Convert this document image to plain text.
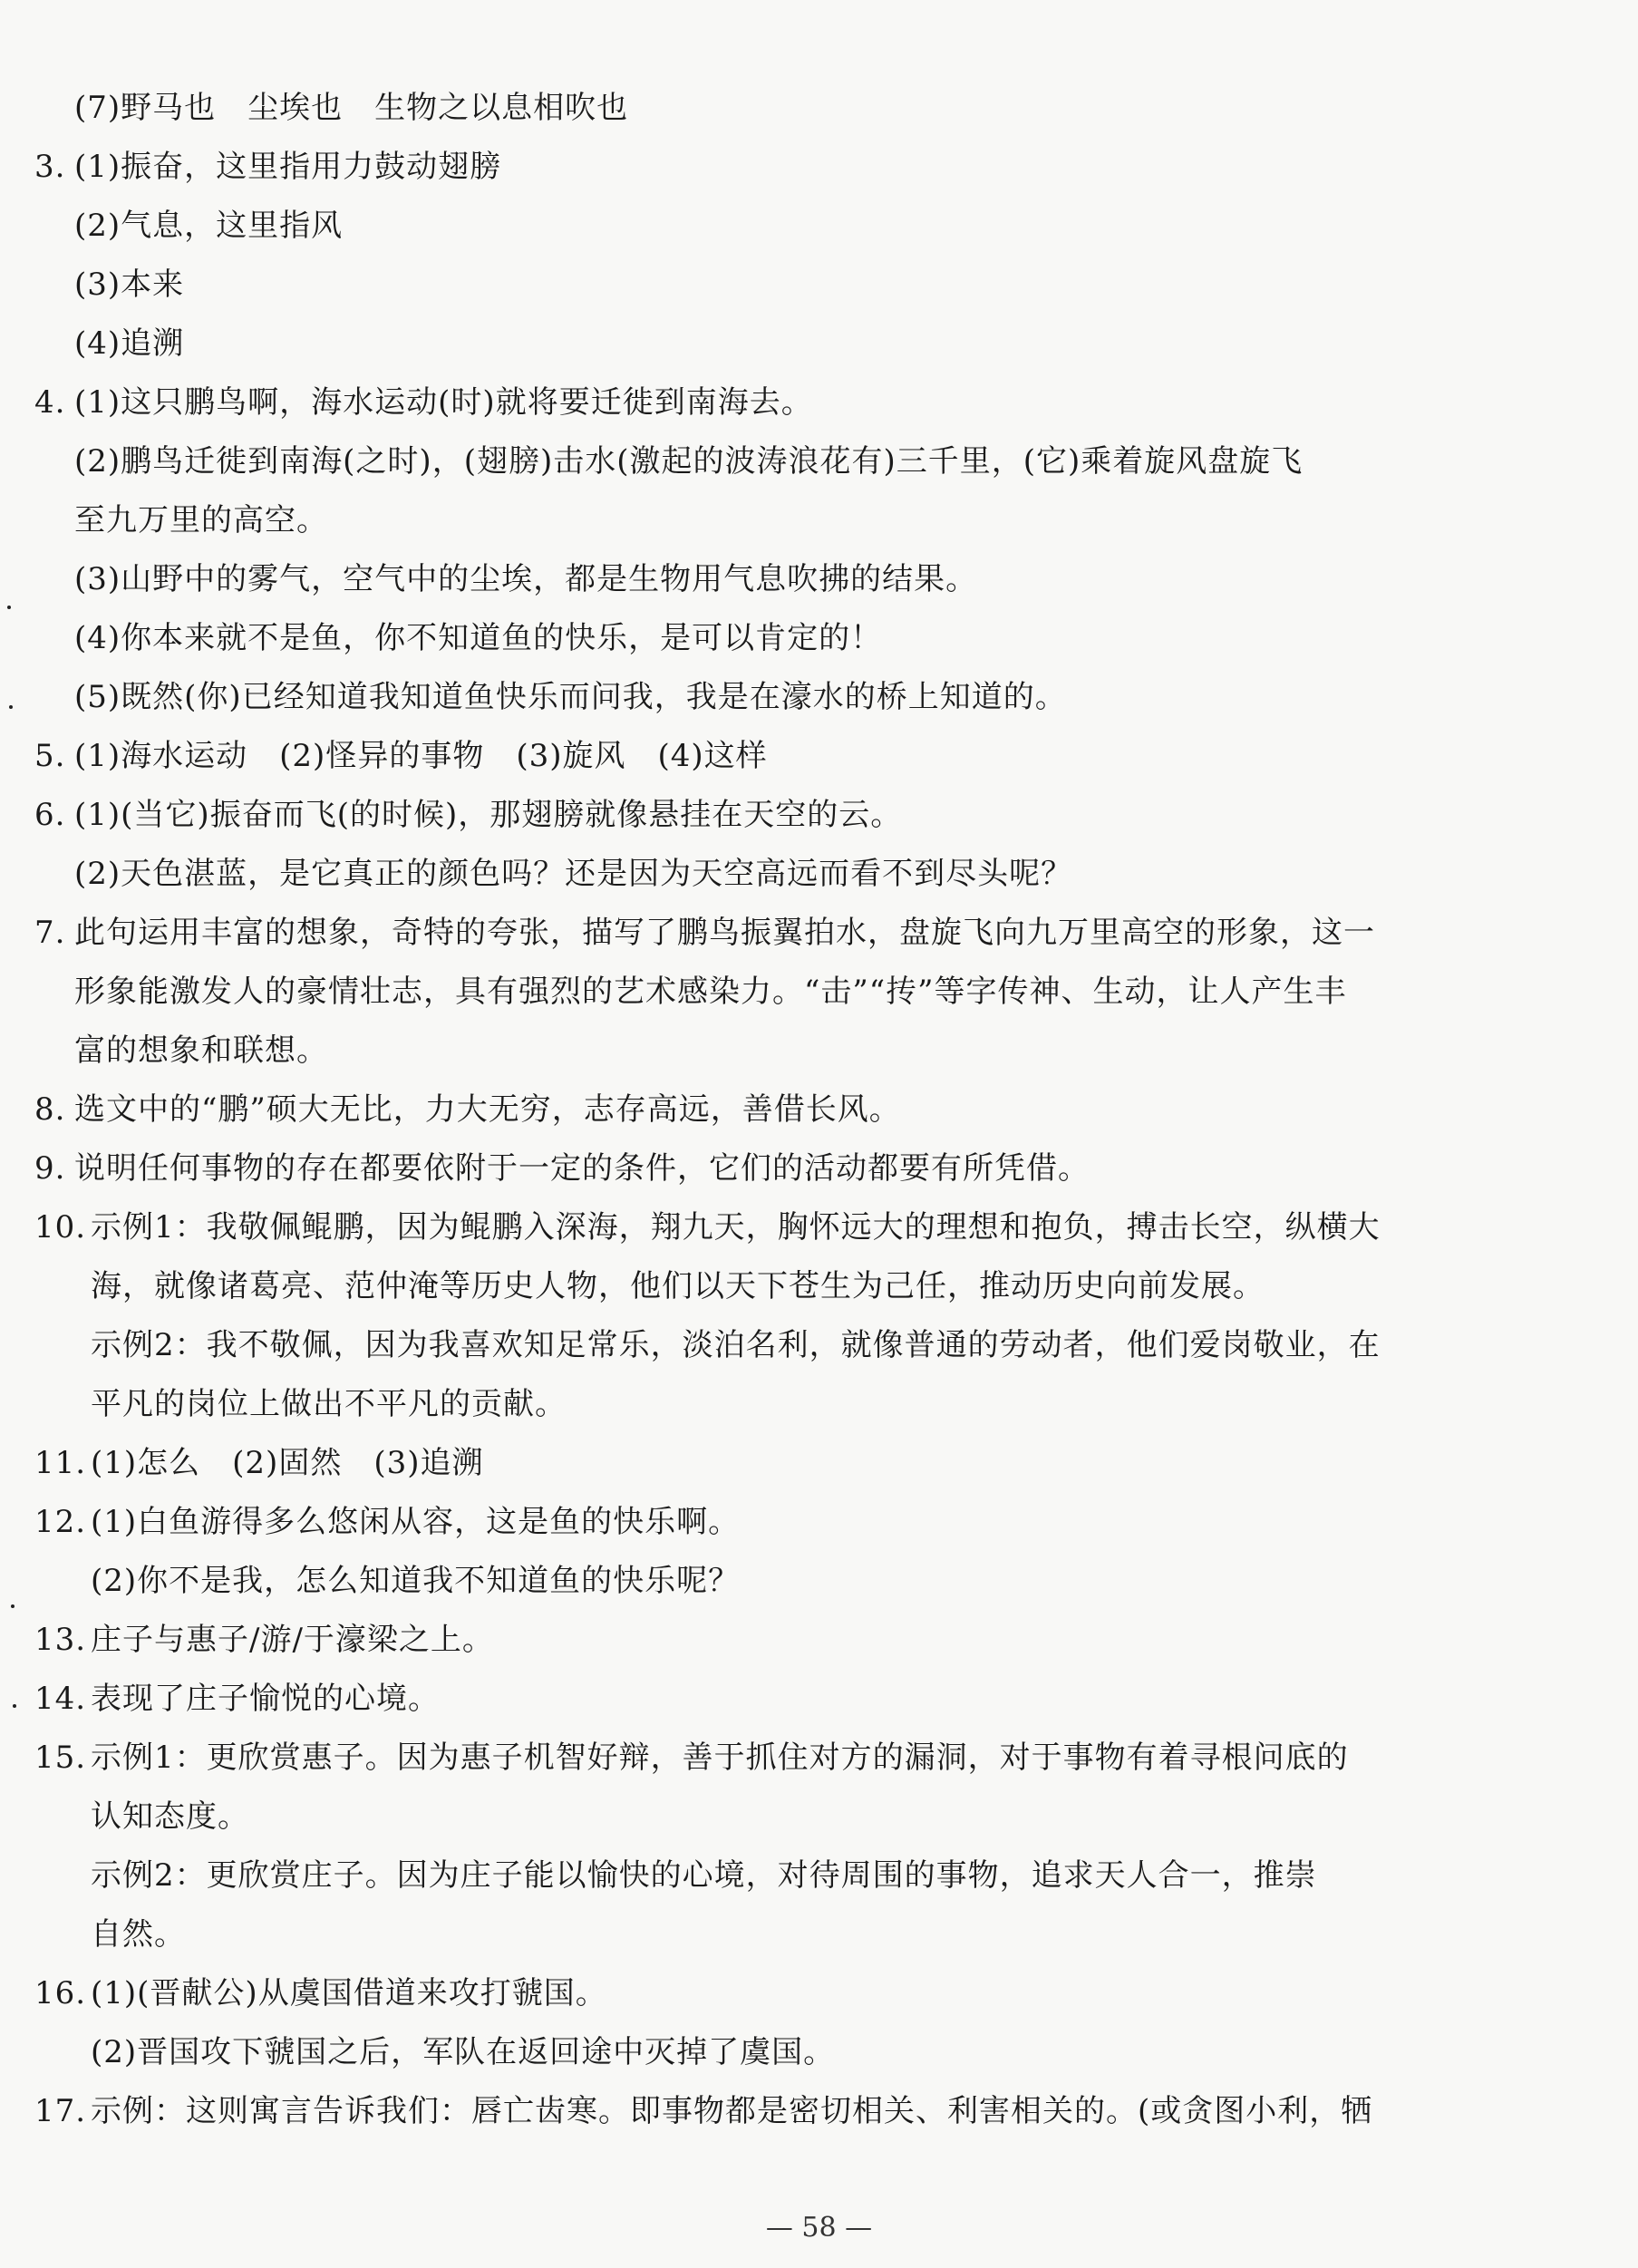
(7)野马也　尘埃也　生物之以息相吹也
3. (1)振奋，这里指用力鼓动翅膀
(2)气息，这里指风
(3)本来
(4)追溯
4. (1)这只鹏鸟啊，海水运动(时)就将要迁徙到南海去。
(2)鹏鸟迁徙到南海(之时)，(翅膀)击水(激起的波涛浪花有)三千里，(它)乘着旋风盘旋飞
至九万里的高空。
(3)山野中的雾气，空气中的尘埃，都是生物用气息吹拂的结果。
(4)你本来就不是鱼，你不知道鱼的快乐，是可以肯定的！
(5)既然(你)已经知道我知道鱼快乐而问我，我是在濠水的桥上知道的。
5. (1)海水运动　(2)怪异的事物　(3)旋风　(4)这样
6. (1)(当它)振奋而飞(的时候)，那翅膀就像悬挂在天空的云。
(2)天色湛蓝，是它真正的颜色吗？还是因为天空高远而看不到尽头呢？
7. 此句运用丰富的想象，奇特的夸张，描写了鹏鸟振翼拍水，盘旋飞向九万里高空的形象，这一
形象能激发人的豪情壮志，具有强烈的艺术感染力。“击”“抟”等字传神、生动，让人产生丰
富的想象和联想。
8. 选文中的“鹏”硕大无比，力大无穷，志存高远，善借长风。
9. 说明任何事物的存在都要依附于一定的条件，它们的活动都要有所凭借。
10. 示例1：我敬佩鲲鹏，因为鲲鹏入深海，翔九天，胸怀远大的理想和抱负，搏击长空，纵横大
海，就像诸葛亮、范仲淹等历史人物，他们以天下苍生为己任，推动历史向前发展。
示例2：我不敬佩，因为我喜欢知足常乐，淡泊名利，就像普通的劳动者，他们爱岗敬业，在
平凡的岗位上做出不平凡的贡献。
11. (1)怎么　(2)固然　(3)追溯
12. (1)白鱼游得多么悠闲从容，这是鱼的快乐啊。
(2)你不是我，怎么知道我不知道鱼的快乐呢？
13. 庄子与惠子/游/于濠梁之上。
14. 表现了庄子愉悦的心境。
15. 示例1：更欣赏惠子。因为惠子机智好辩，善于抓住对方的漏洞，对于事物有着寻根问底的
认知态度。
示例2：更欣赏庄子。因为庄子能以愉快的心境，对待周围的事物，追求天人合一，推崇
自然。
16. (1)(晋献公)从虞国借道来攻打虢国。
(2)晋国攻下虢国之后，军队在返回途中灭掉了虞国。
17. 示例：这则寓言告诉我们：唇亡齿寒。即事物都是密切相关、利害相关的。(或贪图小利，牺
— 58 —
